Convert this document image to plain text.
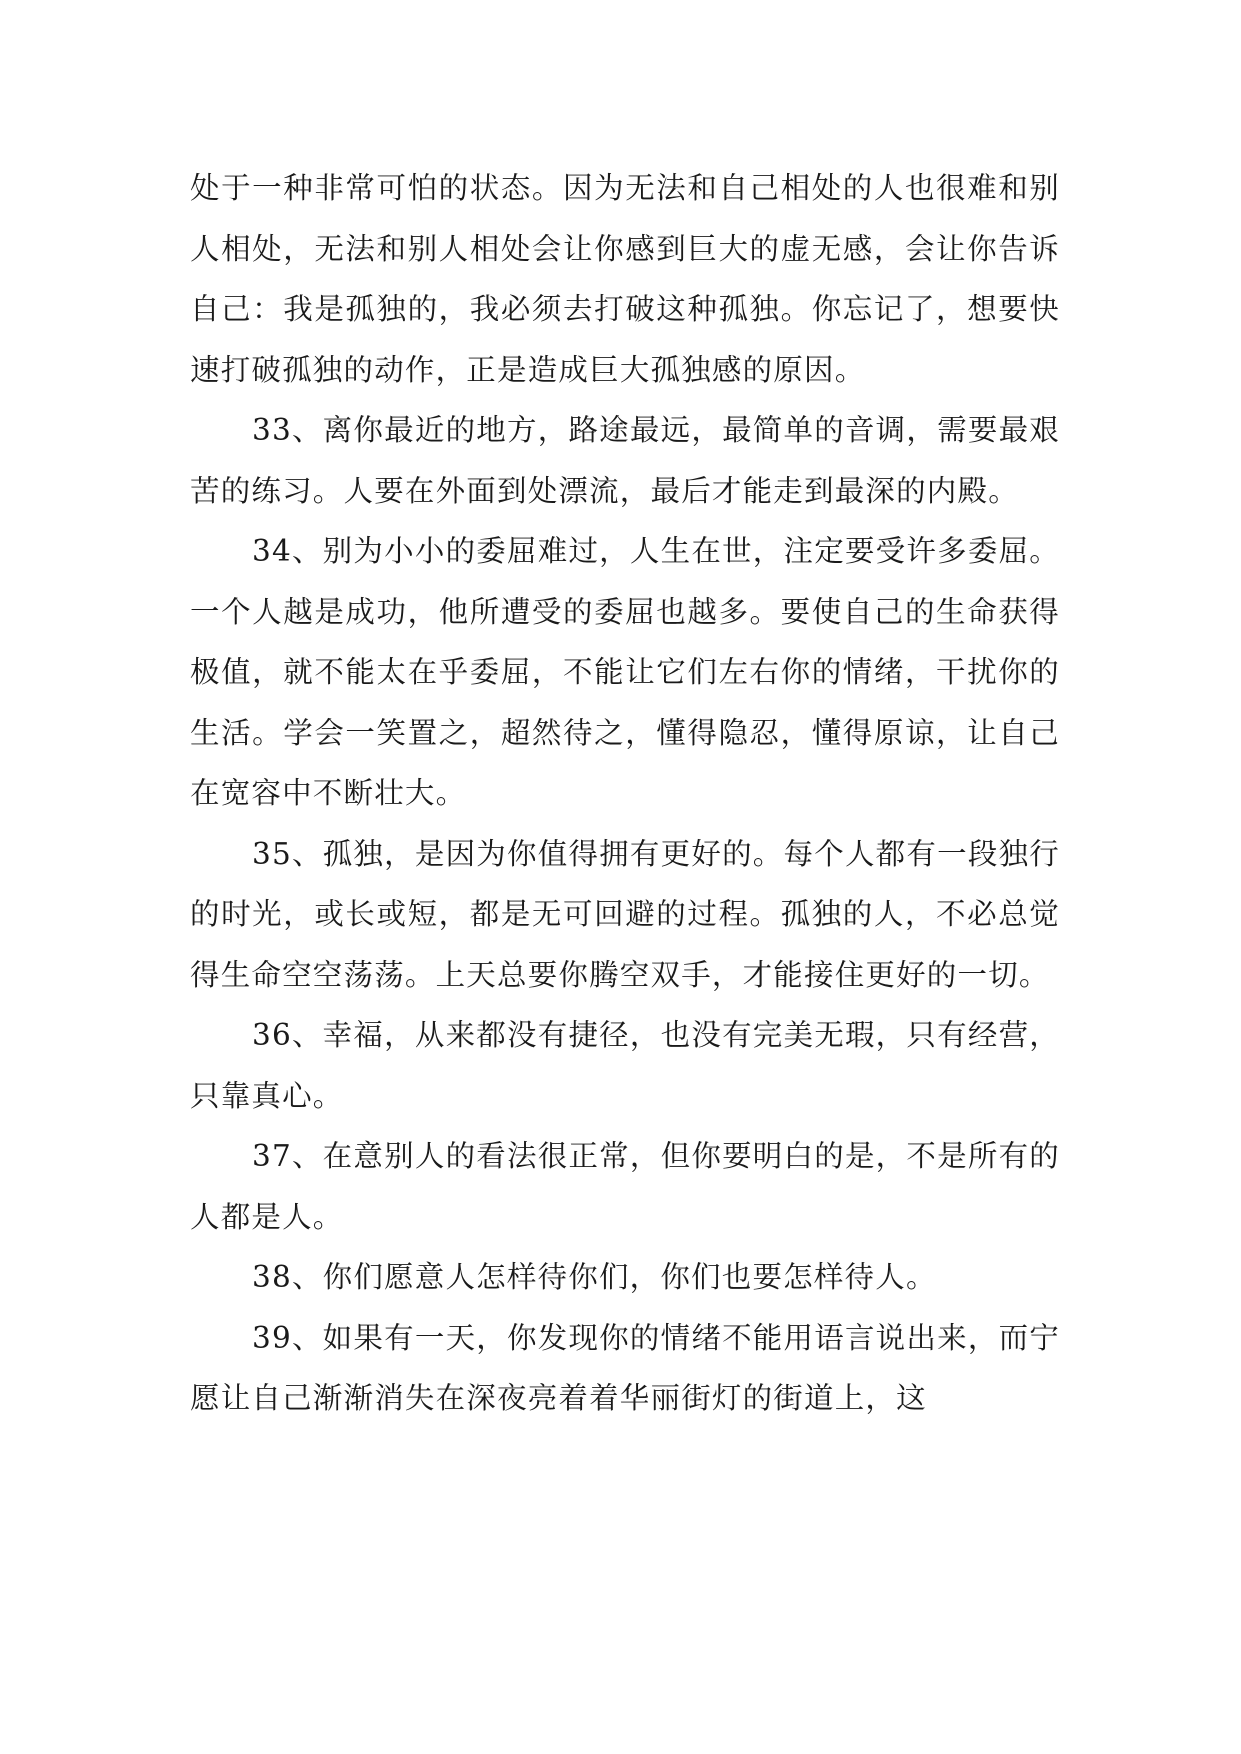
处于一种非常可怕的状态。因为无法和自己相处的人也很难和别人相处，无法和别人相处会让你感到巨大的虚无感，会让你告诉自己：我是孤独的，我必须去打破这种孤独。你忘记了，想要快速打破孤独的动作，正是造成巨大孤独感的原因。

33、离你最近的地方，路途最远，最简单的音调，需要最艰苦的练习。人要在外面到处漂流，最后才能走到最深的内殿。

34、别为小小的委屈难过，人生在世，注定要受许多委屈。一个人越是成功，他所遭受的委屈也越多。要使自己的生命获得极值，就不能太在乎委屈，不能让它们左右你的情绪，干扰你的生活。学会一笑置之，超然待之，懂得隐忍，懂得原谅，让自己在宽容中不断壮大。

35、孤独，是因为你值得拥有更好的。每个人都有一段独行的时光，或长或短，都是无可回避的过程。孤独的人，不必总觉得生命空空荡荡。上天总要你腾空双手，才能接住更好的一切。

36、幸福，从来都没有捷径，也没有完美无瑕，只有经营，只靠真心。

37、在意别人的看法很正常，但你要明白的是，不是所有的人都是人。

38、你们愿意人怎样待你们，你们也要怎样待人。

39、如果有一天，你发现你的情绪不能用语言说出来，而宁愿让自己渐渐消失在深夜亮着着华丽街灯的街道上，这
